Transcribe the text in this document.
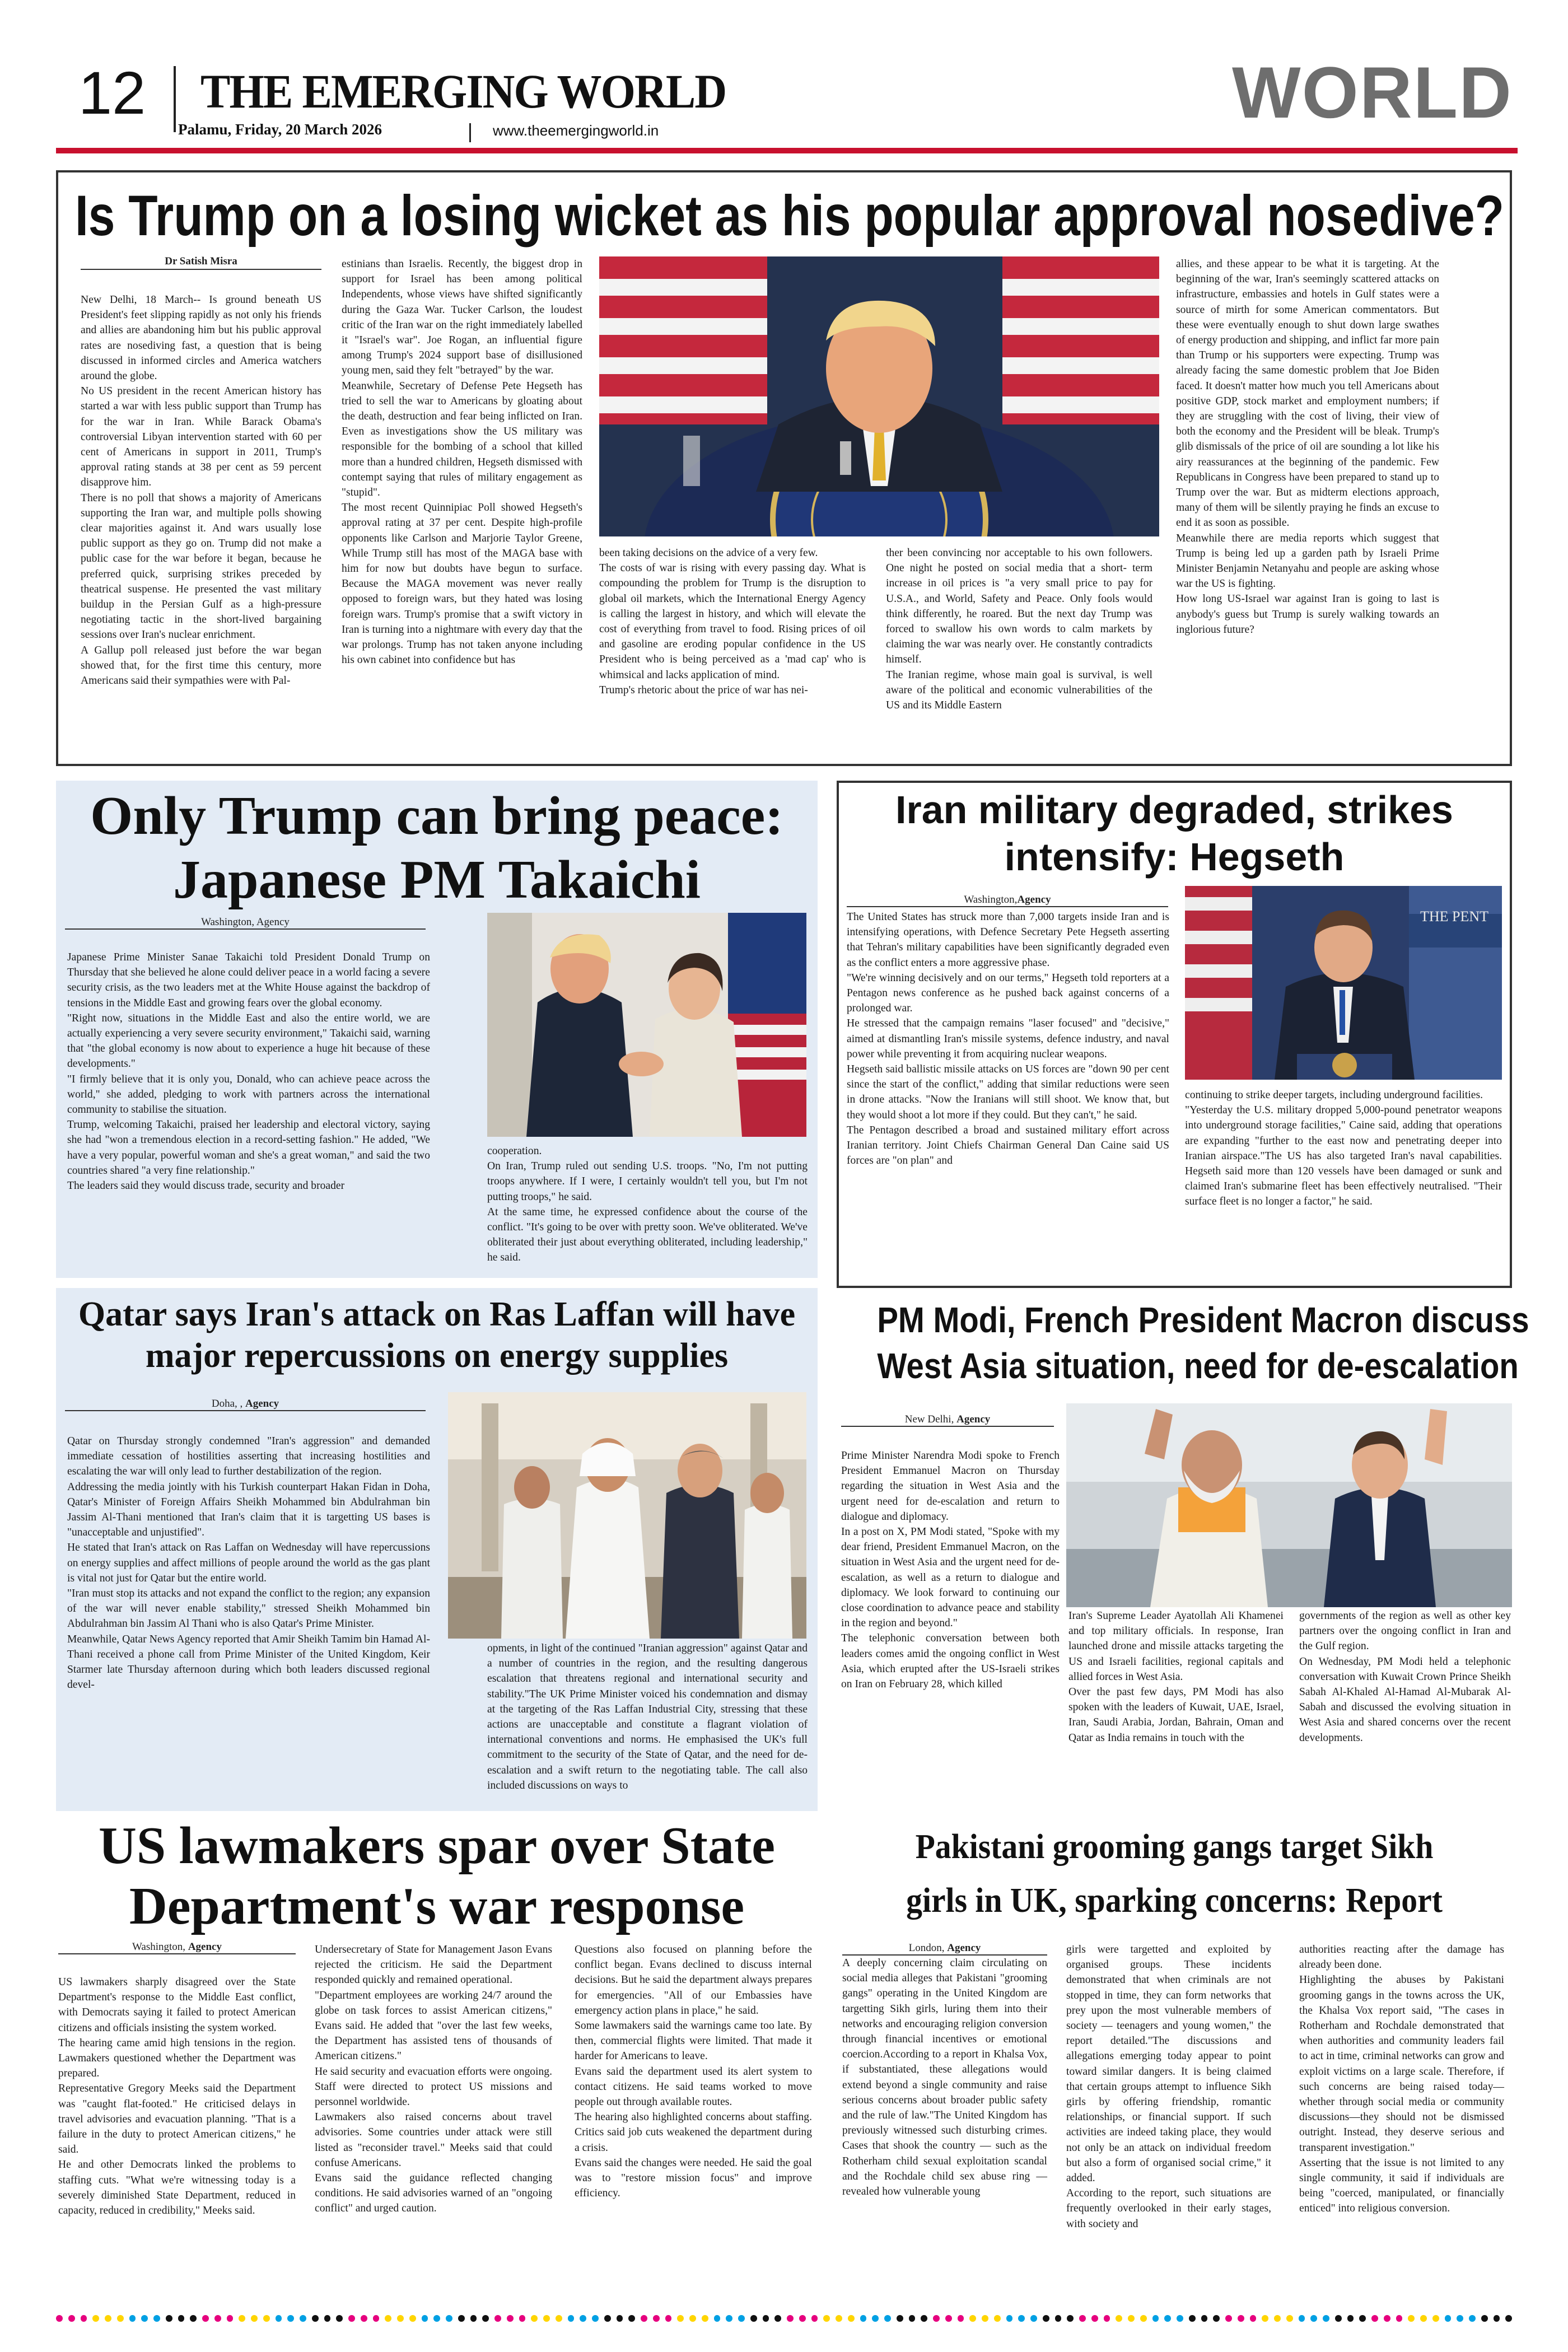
12 THE EMERGING WORLD
Palamu, Friday, 20 March 2026	www.theemergingworld.in	WORLD
Is Trump on a losing wicket as his popular approval nosedive?
Dr Satish Misra
New Delhi, 18 March-- Is ground beneath US President's feet slipping rapidly as not only his friends and allies are abandoning him but his public approval rates are nosediving fast, a question that is being discussed in informed circles and America watchers around the globe.
No US president in the recent American history has started a war with less public support than Trump has for the war in Iran. While Barack Obama's controversial Libyan intervention started with 60 per cent of Americans in support in 2011, Trump's approval rating stands at 38 per cent as 59 percent disapprove him.
There is no poll that shows a majority of Americans supporting the Iran war, and multiple polls showing clear majorities against it. And wars usually lose public support as they go on. Trump did not make a public case for the war before it began, because he preferred quick, surprising strikes preceded by theatrical suspense. He presented the vast military buildup in the Persian Gulf as a high-pressure negotiating tactic in the short-lived bargaining sessions over Iran's nuclear enrichment.
A Gallup poll released just before the war began showed that, for the first time this century, more Americans said their sympathies were with Pal-
estinians than Israelis. Recently, the biggest drop in support for Israel has been among political Independents, whose views have shifted significantly during the Gaza War. Tucker Carlson, the loudest critic of the Iran war on the right immediately labelled it "Israel's war". Joe Rogan, an influential figure among Trump's 2024 support base of disillusioned young men, said they felt "betrayed" by the war.
Meanwhile, Secretary of Defense Pete Hegseth has tried to sell the war to Americans by gloating about the death, destruction and fear being inflicted on Iran. Even as investigations show the US military was responsible for the bombing of a school that killed more than a hundred children, Hegseth dismissed with contempt saying that rules of military engagement as "stupid".
The most recent Quinnipiac Poll showed Hegseth's approval rating at 37 per cent. Despite high-profile opponents like Carlson and Marjorie Taylor Greene, While Trump still has most of the MAGA base with him for now but doubts have begun to surface. Because the MAGA movement was never really opposed to foreign wars, but they hated was losing foreign wars. Trump's promise that a swift victory in Iran is turning into a nightmare with every day that the war prolongs. Trump has not taken anyone including his own cabinet into confidence but has
been taking decisions on the advice of a very few.
The costs of war is rising with every passing day. What is compounding the problem for Trump is the disruption to global oil markets, which the International Energy Agency is calling the largest in history, and which will elevate the cost of everything from travel to food. Rising prices of oil and gasoline are eroding popular confidence in the US President who is being perceived as a 'mad cap' who is whimsical and lacks application of mind.
Trump's rhetoric about the price of war has nei-
ther been convincing nor acceptable to his own followers. One night he posted on social media that a short- term increase in oil prices is "a very small price to pay for U.S.A., and World, Safety and Peace. Only fools would think differently, he roared. But the next day Trump was forced to swallow his own words to calm markets by claiming the war was nearly over. He constantly contradicts himself.
The Iranian regime, whose main goal is survival, is well aware of the political and economic vulnerabilities of the US and its Middle Eastern
allies, and these appear to be what it is targeting. At the beginning of the war, Iran's seemingly scattered attacks on infrastructure, embassies and hotels in Gulf states were a source of mirth for some American commentators. But these were eventually enough to shut down large swathes of energy production and shipping, and inflict far more pain than Trump or his supporters were expecting. Trump was already facing the same domestic problem that Joe Biden faced. It doesn't matter how much you tell Americans about positive GDP, stock market and employment numbers; if they are struggling with the cost of living, their view of both the economy and the President will be bleak. Trump's glib dismissals of the price of oil are sounding a lot like his airy reassurances at the beginning of the pandemic. Few Republicans in Congress have been prepared to stand up to Trump over the war. But as midterm elections approach, many of them will be silently praying he finds an excuse to end it as soon as possible.
Meanwhile there are media reports which suggest that Trump is being led up a garden path by Israeli Prime Minister Benjamin Netanyahu and people are asking whose war the US is fighting.
How long US-Israel war against Iran is going to last is anybody's guess but Trump is surely walking towards an inglorious future?
Only Trump can bring peace:
Japanese PM Takaichi
Washington, Agency
Japanese Prime Minister Sanae Takaichi told President Donald Trump on Thursday that she believed he alone could deliver peace in a world facing a severe security crisis, as the two leaders met at the White House against the backdrop of tensions in the Middle East and growing fears over the global economy.
"Right now, situations in the Middle East and also the entire world, we are actually experiencing a very severe security environment," Takaichi said, warning that "the global economy is now about to experience a huge hit because of these developments."
"I firmly believe that it is only you, Donald, who can achieve peace across the world," she added, pledging to work with partners across the international community to stabilise the situation.
Trump, welcoming Takaichi, praised her leadership and electoral victory, saying she had "won a tremendous election in a record-setting fashion." He added, "We have a very popular, powerful woman and she's a great woman," and said the two countries shared "a very fine relationship."
The leaders said they would discuss trade, security and broader
cooperation.
On Iran, Trump ruled out sending U.S. troops. "No, I'm not putting troops anywhere. If I were, I certainly wouldn't tell you, but I'm not putting troops," he said.
At the same time, he expressed confidence about the course of the conflict. "It's going to be over with pretty soon. We've obliterated. We've obliterated their just about everything obliterated, including leadership," he said.
Iran military degraded, strikes
intensify: Hegseth
Washington,Agency
The United States has struck more than 7,000 targets inside Iran and is intensifying operations, with Defence Secretary Pete Hegseth asserting that Tehran's military capabilities have been significantly degraded even as the conflict enters a more aggressive phase.
"We're winning decisively and on our terms," Hegseth told reporters at a Pentagon news conference as he pushed back against concerns of a prolonged war.
He stressed that the campaign remains "laser focused" and "decisive," aimed at dismantling Iran's missile systems, defence industry, and naval power while preventing it from acquiring nuclear weapons.
Hegseth said ballistic missile attacks on US forces are "down 90 per cent since the start of the conflict," adding that similar reductions were seen in drone attacks. "Now the Iranians will still shoot. We know that, but they would shoot a lot more if they could. But they can't," he said.
The Pentagon described a broad and sustained military effort across Iranian territory. Joint Chiefs Chairman General Dan Caine said US forces are "on plan" and
THE PENT
continuing to strike deeper targets, including underground facilities.
"Yesterday the U.S. military dropped 5,000-pound penetrator weapons into underground storage facilities," Caine said, adding that operations are expanding "further to the east now and penetrating deeper into Iranian airspace."The US has also targeted Iran's naval capabilities. Hegseth said more than 120 vessels have been damaged or sunk and claimed Iran's submarine fleet has been effectively neutralised. "Their surface fleet is no longer a factor," he said.
Qatar says Iran's attack on Ras Laffan will have
major repercussions on energy supplies
Doha, , Agency
Qatar on Thursday strongly condemned "Iran's aggression" and demanded immediate cessation of hostilities asserting that increasing hostilities and escalating the war will only lead to further destabilization of the region.
Addressing the media jointly with his Turkish counterpart Hakan Fidan in Doha, Qatar's Minister of Foreign Affairs Sheikh Mohammed bin Abdulrahman bin Jassim Al-Thani mentioned that Iran's claim that it is targetting US bases is "unacceptable and unjustified".
He stated that Iran's attack on Ras Laffan on Wednesday will have repercussions on energy supplies and affect millions of people around the world as the gas plant is vital not just for Qatar but the entire world.
"Iran must stop its attacks and not expand the conflict to the region; any expansion of the war will never enable stability," stressed Sheikh Mohammed bin Abdulrahman bin Jassim Al Thani who is also Qatar's Prime Minister.
Meanwhile, Qatar News Agency reported that Amir Sheikh Tamim bin Hamad Al-Thani received a phone call from Prime Minister of the United Kingdom, Keir Starmer late Thursday afternoon during which both leaders discussed regional devel-
opments, in light of the continued "Iranian aggression" against Qatar and a number of countries in the region, and the resulting dangerous escalation that threatens regional and international security and stability."The UK Prime Minister voiced his condemnation and dismay at the targeting of the Ras Laffan Industrial City, stressing that these actions are unacceptable and constitute a flagrant violation of international conventions and norms. He emphasised the UK's full commitment to the security of the State of Qatar, and the need for de-escalation and a swift return to the negotiating table. The call also included discussions on ways to
PM Modi, French President Macron discuss
West Asia situation, need for de-escalation
New Delhi, Agency
Prime Minister Narendra Modi spoke to French President Emmanuel Macron on Thursday regarding the situation in West Asia and the urgent need for de-escalation and return to dialogue and diplomacy.
In a post on X, PM Modi stated, "Spoke with my dear friend, President Emmanuel Macron, on the situation in West Asia and the urgent need for de-escalation, as well as a return to dialogue and diplomacy. We look forward to continuing our close coordination to advance peace and stability in the region and beyond."
The telephonic conversation between both leaders comes amid the ongoing conflict in West Asia, which erupted after the US-Israeli strikes on Iran on February 28, which killed
Iran's Supreme Leader Ayatollah Ali Khamenei and top military officials. In response, Iran launched drone and missile attacks targeting the US and Israeli facilities, regional capitals and allied forces in West Asia.
Over the past few days, PM Modi has also spoken with the leaders of Kuwait, UAE, Israel, Iran, Saudi Arabia, Jordan, Bahrain, Oman and Qatar as India remains in touch with the
governments of the region as well as other key partners over the ongoing conflict in Iran and the Gulf region.
On Wednesday, PM Modi held a telephonic conversation with Kuwait Crown Prince Sheikh Sabah Al-Khaled Al-Hamad Al-Mubarak Al-Sabah and discussed the evolving situation in West Asia and shared concerns over the recent developments.
US lawmakers spar over State
Department's war response
Washington, Agency
US lawmakers sharply disagreed over the State Department's response to the Middle East conflict, with Democrats saying it failed to protect American citizens and officials insisting the system worked.
The hearing came amid high tensions in the region. Lawmakers questioned whether the Department was prepared.
Representative Gregory Meeks said the Department was "caught flat-footed." He criticised delays in travel advisories and evacuation planning. "That is a failure in the duty to protect American citizens," he said.
He and other Democrats linked the problems to staffing cuts. "What we're witnessing today is a severely diminished State Department, reduced in capacity, reduced in credibility," Meeks said.
Undersecretary of State for Management Jason Evans rejected the criticism. He said the Department responded quickly and remained operational.
"Department employees are working 24/7 around the globe on task forces to assist American citizens," Evans said. He added that "over the last few weeks, the Department has assisted tens of thousands of American citizens."
He said security and evacuation efforts were ongoing. Staff were directed to protect US missions and personnel worldwide.
Lawmakers also raised concerns about travel advisories. Some countries under attack were still listed as "reconsider travel." Meeks said that could confuse Americans.
Evans said the guidance reflected changing conditions. He said advisories warned of an "ongoing conflict" and urged caution.
Questions also focused on planning before the conflict began. Evans declined to discuss internal decisions. But he said the department always prepares for emergencies. "All of our Embassies have emergency action plans in place," he said.
Some lawmakers said the warnings came too late. By then, commercial flights were limited. That made it harder for Americans to leave.
Evans said the department used its alert system to contact citizens. He said teams worked to move people out through available routes.
The hearing also highlighted concerns about staffing. Critics said job cuts weakened the department during a crisis.
Evans said the changes were needed. He said the goal was to "restore mission focus" and improve efficiency.
Pakistani grooming gangs target Sikh
girls in UK, sparking concerns: Report
London, Agency
A deeply concerning claim circulating on social media alleges that Pakistani "grooming gangs" operating in the United Kingdom are targetting Sikh girls, luring them into their networks and encouraging religion conversion through financial incentives or emotional coercion.According to a report in Khalsa Vox, if substantiated, these allegations would extend beyond a single community and raise serious concerns about broader public safety and the rule of law."The United Kingdom has previously witnessed such disturbing crimes. Cases that shook the country — such as the Rotherham child sexual exploitation scandal and the Rochdale child sex abuse ring — revealed how vulnerable young
girls were targetted and exploited by organised groups. These incidents demonstrated that when criminals are not stopped in time, they can form networks that prey upon the most vulnerable members of society — teenagers and young women," the report detailed."The discussions and allegations emerging today appear to point toward similar dangers. It is being claimed that certain groups attempt to influence Sikh girls by offering friendship, romantic relationships, or financial support. If such activities are indeed taking place, they would not only be an attack on individual freedom but also a form of organised social crime," it added.
According to the report, such situations are frequently overlooked in their early stages, with society and
authorities reacting after the damage has already been done.
Highlighting the abuses by Pakistani grooming gangs in the towns across the UK, the Khalsa Vox report said, "The cases in Rotherham and Rochdale demonstrated that when authorities and community leaders fail to act in time, criminal networks can grow and exploit victims on a large scale. Therefore, if such concerns are being raised today—whether through social media or community discussions—they should not be dismissed outright. Instead, they deserve serious and transparent investigation."
Asserting that the issue is not limited to any single community, it said if individuals are being "coerced, manipulated, or financially enticed" into religious conversion.
